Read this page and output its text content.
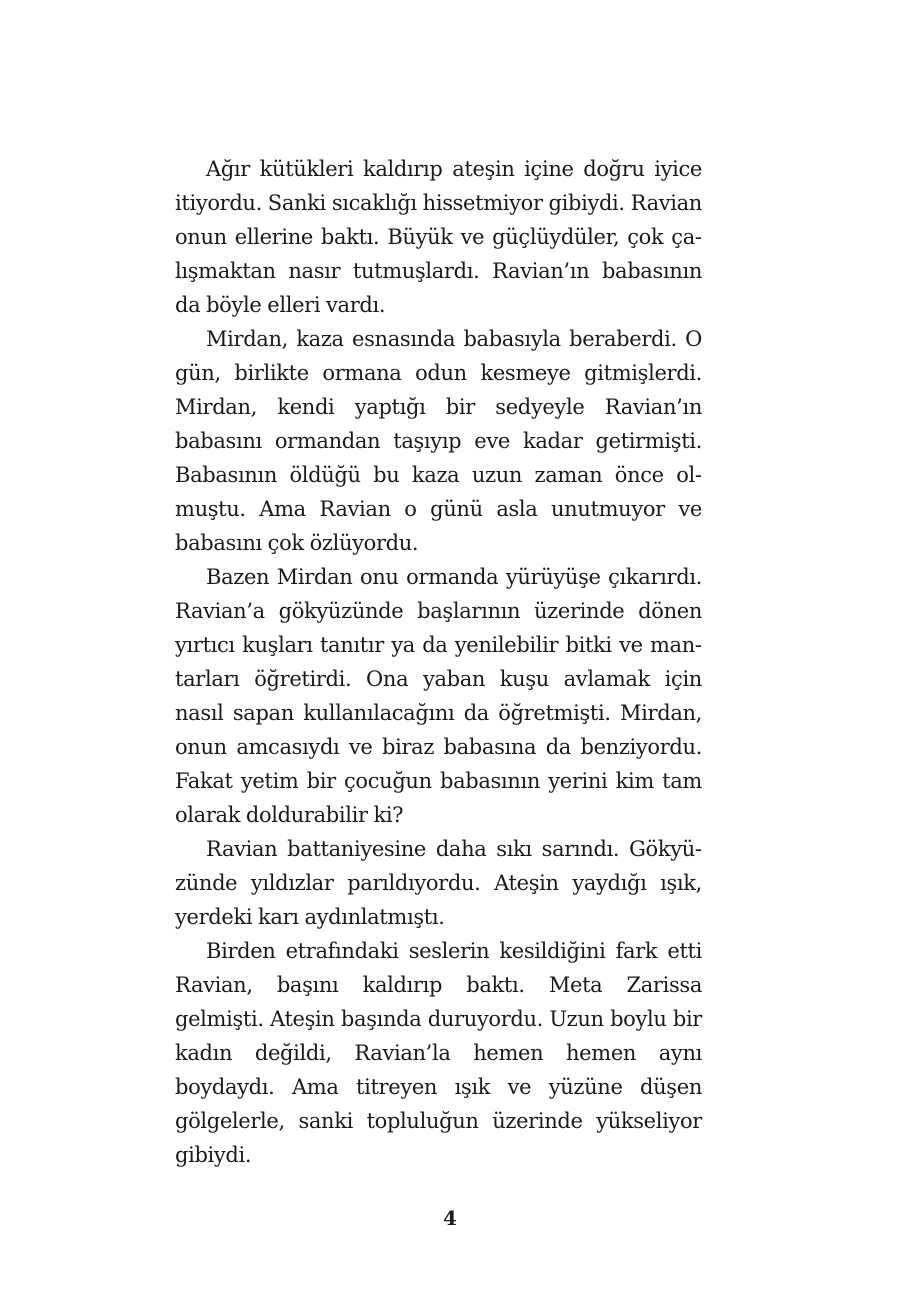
Ağır kütükleri kaldırıp ateşin içine doğru iyice itiyordu. Sanki sıcaklığı hissetmiyor gibiydi. Ravian onun ellerine baktı. Büyük ve güçlüydüler, çok çalışmaktan nasır tutmuşlardı. Ravian’ın babasının da böyle elleri vardı.

Mirdan, kaza esnasında babasıyla beraberdi. O gün, birlikte ormana odun kesmeye gitmişlerdi. Mirdan, kendi yaptığı bir sedyeyle Ravian’ın babasını ormandan taşıyıp eve kadar getirmişti. Babasının öldüğü bu kaza uzun zaman önce olmuştu. Ama Ravian o günü asla unutmuyor ve babasını çok özlüyordu.

Bazen Mirdan onu ormanda yürüyüşe çıkarırdı. Ravian’a gökyüzünde başlarının üzerinde dönen yırtıcı kuşları tanıtır ya da yenilebilir bitki ve mantarları öğretirdi. Ona yaban kuşu avlamak için nasıl sapan kullanılacağını da öğretmişti. Mirdan, onun amcasıydı ve biraz babasına da benziyordu. Fakat yetim bir çocuğun babasının yerini kim tam olarak doldurabilir ki?

Ravian battaniyesine daha sıkı sarındı. Gökyüzünde yıldızlar parıldıyordu. Ateşin yaydığı ışık, yerdeki karı aydınlatmıştı.

Birden etrafındaki seslerin kesildiğini fark etti Ravian, başını kaldırıp baktı. Meta Zarissa gelmişti. Ateşin başında duruyordu. Uzun boylu bir kadın değildi, Ravian’la hemen hemen aynı boydaydı. Ama titreyen ışık ve yüzüne düşen gölgelerle, sanki topluluğun üzerinde yükseliyor gibiydi.

4
